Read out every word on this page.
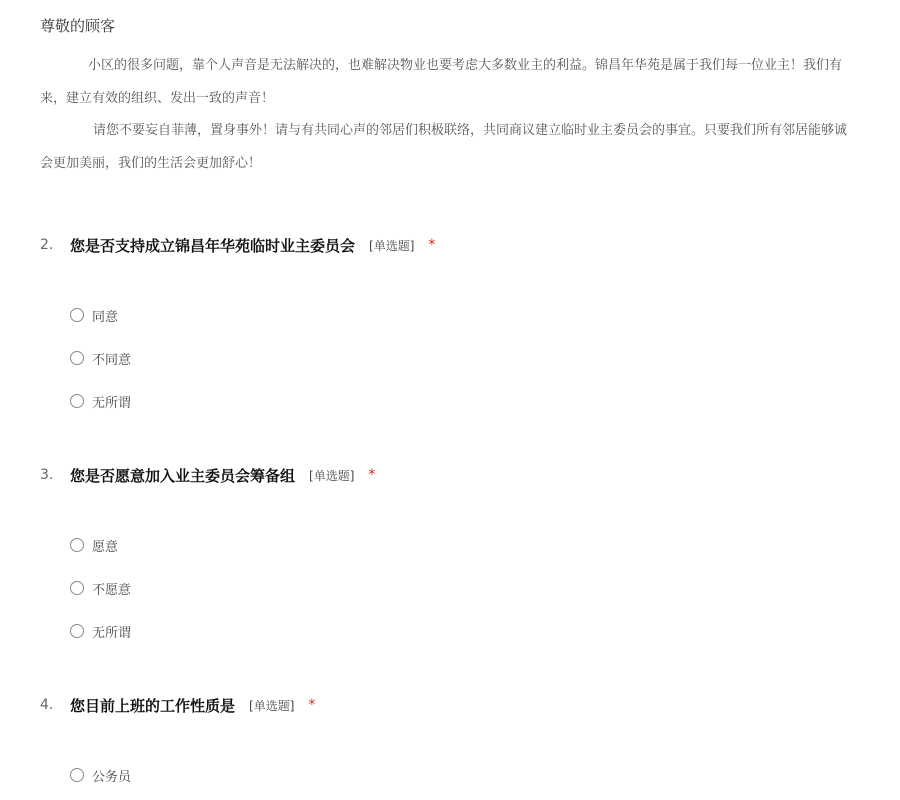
尊敬的顾客
小区的很多问题，靠个人声音是无法解决的，也难解决物业也要考虑大多数业主的利益。锦昌年华苑是属于我们每一位业主！我们有
来，建立有效的组织、发出一致的声音！
请您不要妄自菲薄，置身事外！请与有共同心声的邻居们积极联络，共同商议建立临时业主委员会的事宜。只要我们所有邻居能够诚
会更加美丽，我们的生活会更加舒心！
2.	您是否支持成立锦昌年华苑临时业主委员会 [单选题] *
同意
不同意
无所谓
3.	您是否愿意加入业主委员会筹备组 [单选题] *
愿意
不愿意
无所谓
4.	您目前上班的工作性质是 [单选题] *
公务员
